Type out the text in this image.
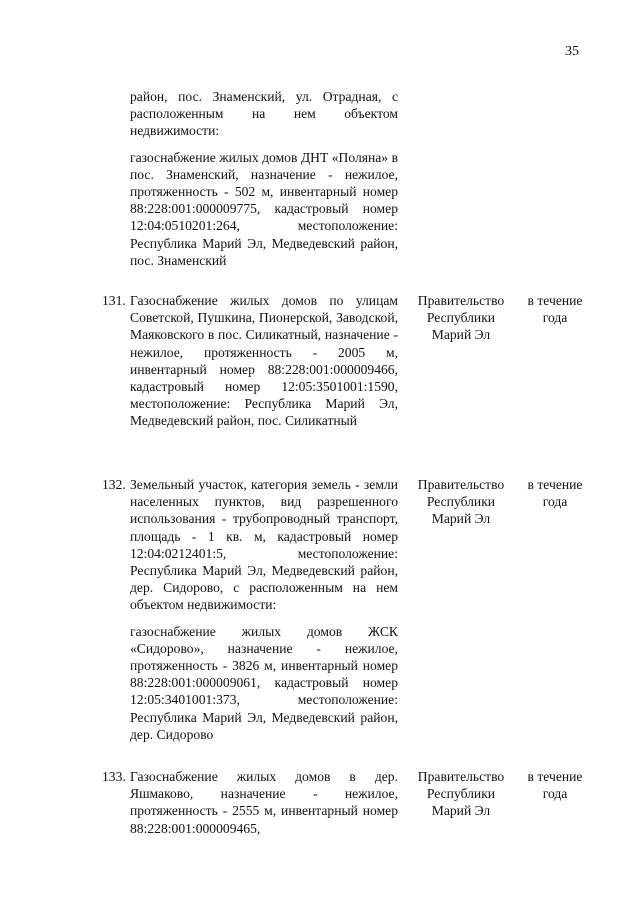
35

район, пос. Знаменский, ул. Отрадная, с расположенным на нем объектом недвижимости:

газоснабжение жилых домов ДНТ «Поляна» в пос. Знаменский, назначение - нежилое, протяженность - 502 м, инвентарный номер 88:228:001:000009775, кадастровый номер 12:04:0510201:264, местоположение: Республика Марий Эл, Медведевский район, пос. Знаменский

131. Газоснабжение жилых домов по улицам Советской, Пушкина, Пионерской, Заводской, Маяковского в пос. Силикатный, назначение - нежилое, протяженность - 2005 м, инвентарный номер 88:228:001:000009466, кадастровый номер 12:05:3501001:1590, местоположение: Республика Марий Эл, Медведевский район, пос. Силикатный

Правительство Республики Марий Эл
в течение года
132. Земельный участок, категория земель - земли населенных пунктов, вид разрешенного использования - трубопроводный транспорт, площадь - 1 кв. м, кадастровый номер 12:04:0212401:5, местоположение: Республика Марий Эл, Медведевский район, дер. Сидорово, с расположенным на нем объектом недвижимости:

газоснабжение жилых домов ЖСК «Сидорово», назначение - нежилое, протяженность - 3826 м, инвентарный номер 88:228:001:000009061, кадастровый номер 12:05:3401001:373, местоположение: Республика Марий Эл, Медведевский район, дер. Сидорово

Правительство Республики Марий Эл
в течение года
133. Газоснабжение жилых домов в дер. Яшмаково, назначение - нежилое, протяженность - 2555 м, инвентарный номер 88:228:001:000009465,

Правительство Республики Марий Эл
в течение года
